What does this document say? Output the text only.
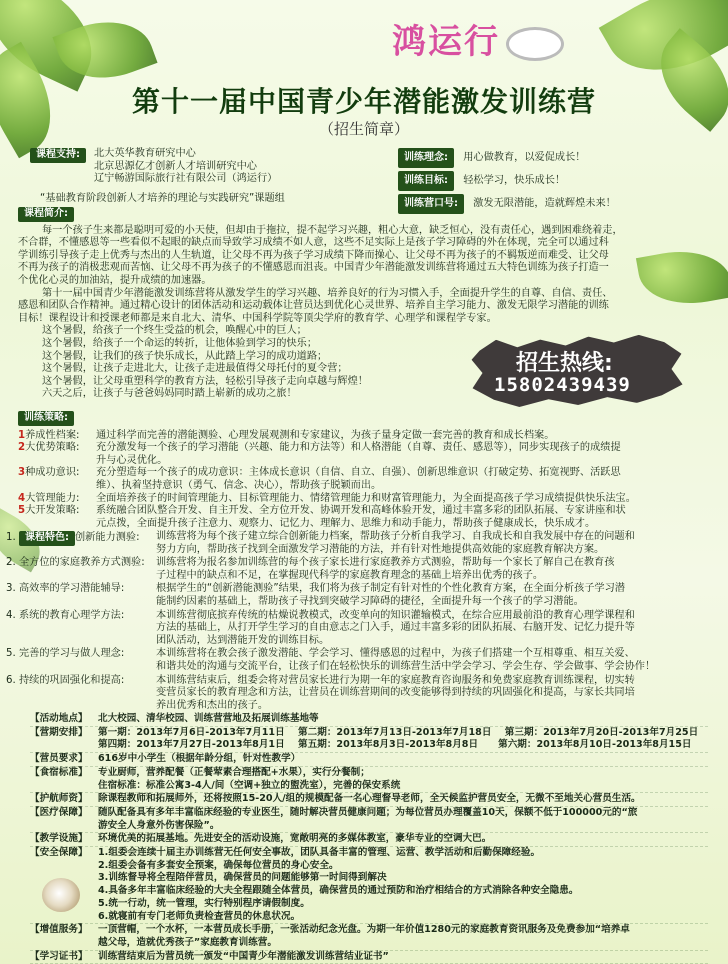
鸿运行
第十一届中国青少年潜能激发训练营
（招生简章）
课程支持:	北大英华教育研究中心
北京思源亿才创新人才培训研究中心
辽宁畅游国际旅行社有限公司（鸿运行）
“基础教育阶段创新人才培养的理论与实践研究”课题组
训练理念: 用心做教育，以爱促成长！
训练目标: 轻松学习，快乐成长！
训练营口号: 激发无限潜能，造就辉煌未来！
课程简介:
每一个孩子生来都是聪明可爱的小天使，但却由于拖拉，提不起学习兴趣，粗心大意，缺乏恒心，没有责任心，遇到困难绕着走，
不合群，不懂感恩等一些看似不起眼的缺点而导致学习成绩不如人意，这些不足实际上是孩子学习障碍的外在体现，完全可以通过科
学训练引导孩子走上优秀与杰出的人生轨道，让父母不再为孩子学习成绩下降而操心、让父母不再为孩子的不羁叛逆而难受、让父母
不再为孩子的消极悲观而苦恼、让父母不再为孩子的不懂感恩而沮丧。中国青少年潜能激发训练营将通过五大特色训练为孩子打造一
个优化心灵的加油站，提升成绩的加速器。
第十一届中国青少年潜能激发训练营将从激发学生的学习兴趣、培养良好的行为习惯入手，全面提升学生的自尊、自信、责任、
感恩和团队合作精神。通过精心设计的团体活动和运动载体让营员达到优化心灵世界、培养自主学习能力、激发无限学习潜能的训练
目标！课程设计和授课老师都是来自北大、清华、中国科学院等顶尖学府的教育学、心理学和课程学专家。
这个暑假，给孩子一个终生受益的机会，唤醒心中的巨人；
这个暑假，给孩子一个命运的转折，让他体验到学习的快乐；
这个暑假，让我们的孩子快乐成长，从此踏上学习的成功道路；
这个暑假，让孩子走进北大，让孩子走进最值得父母托付的夏令营；
这个暑假，让父母重塑科学的教育方法，轻松引导孩子走向卓越与辉煌！
六天之后，让孩子与爸爸妈妈同时踏上崭新的成功之旅！
招生热线:
15802439439
训练策略:
1养成性档案:	通过科学而完善的潜能测验、心理发展观测和专家建议，为孩子量身定做一套完善的教育和成长档案。
2大优势策略:	充分激发每一个孩子的学习潜能（兴趣、能力和方法等）和人格潜能（自尊、责任、感恩等），同步实现孩子的成绩提
升与心灵优化。
3种成功意识:	充分塑造每一个孩子的成功意识：主体成长意识（自信、自立、自强）、创新思维意识（打破定势、拓宽视野、活跃思
维）、执着坚持意识（勇气、信念、决心），帮助孩子脱颖而出。
4大管理能力:	全面培养孩子的时间管理能力、目标管理能力、情绪管理能力和财富管理能力，为全面提高孩子学习成绩提供快乐法宝。
5大开发策略:	系统融合团队整合开发、自主开发、全方位开发、协调开发和高峰体验开发，通过丰富多彩的团队拓展、专家讲座和状
元点拨，全面提升孩子注意力、观察力、记忆力、理解力、思维力和动手能力，帮助孩子健康成长，快乐成才。
1. 课程特色: 创新能力测验:	训练营将为每个孩子建立综合创新能力档案，帮助孩子分析自我学习、自我成长和自我发展中存在的问题和
努力方向，帮助孩子找到全面激发学习潜能的方法，并有针对性地提供高效能的家庭教育解决方案。
2. 全方位的家庭教养方式测验: 训练营将为报名参加训练营的每个孩子家长进行家庭教养方式测验，帮助每一个家长了解自己在教育孩
子过程中的缺点和不足，在掌握现代科学的家庭教育理念的基础上培养出优秀的孩子。
3. 高效率的学习潜能辅导:	根据学生的“创新潜能测验”结果，我们将为孩子制定有针对性的个性化教育方案，在全面分析孩子学习潜
能制约因素的基础上，帮助孩子寻找到突破学习障碍的捷径，全面提升每一个孩子的学习潜能。
4. 系统的教育心理学方法:	本训练营彻底摈弃传统的枯燥说教模式，改变单向的知识灌输模式，在综合应用最前沿的教育心理学课程和
方法的基础上，从打开学生学习的自由意志之门入手，通过丰富多彩的团队拓展、右脑开发、记忆力提升等
团队活动，达到潜能开发的训练目标。
5. 完善的学习与做人理念:	本训练营将在教会孩子激发潜能、学会学习、懂得感恩的过程中，为孩子们搭建一个互相尊重、相互关爱、
和谐共处的沟通与交流平台，让孩子们在轻松快乐的训练营生活中学会学习、学会生存、学会做事、学会协作！
6. 持续的巩固强化和提高:	本训练营结束后，组委会将对营员家长进行为期一年的家庭教育咨询服务和免费家庭教育训练课程，切实转
变营员家长的教育理念和方法，让营员在训练营期间的改变能够得到持续的巩固强化和提高，与家长共同培
养出优秀和杰出的孩子。
【活动地点】	北大校园、清华校园、训练营营地及拓展训练基地等
【营期安排】	第一期：2013年7月6日-2013年7月11日    第二期：2013年7月13日-2013年7月18日    第三期：2013年7月20日-2013年7月25日
第四期：2013年7月27日-2013年8月1日    第五期：2013年8月3日-2013年8月8日      第六期：2013年8月10日-2013年8月15日
【营员要求】	616岁中小学生（根据年龄分组，针对性教学）
【食宿标准】	专业厨师，营养配餐（正餐荤素合理搭配+水果），实行分餐制；
住宿标准：标准公寓3-4人/间（空调+独立的盥洗室），完善的保安系统
【护航师资】	除课程教师和拓展师外，还将按照15-20人/组的规模配备一名心理督导老师，全天候监护营员安全，无微不至地关心营员生活。
【医疗保障】	随队配备具有多年丰富临床经验的专业医生，随时解决营员健康问题；为每位营员办理覆盖10天，保额不低于100000元的“旅
游安全人身意外伤害保险”。
【教学设施】	环境优美的拓展基地。先进安全的活动设施，宽敞明亮的多媒体教室，豪华专业的空调大巴。
【安全保障】	1.组委会连续十届主办训练营无任何安全事故，团队具备丰富的管理、运营、教学活动和后勤保障经验。
2.组委会备有多套安全预案，确保每位营员的身心安全。
3.训练督导将全程陪伴营员，确保营员的问题能够第一时间得到解决
4.具备多年丰富临床经验的大夫全程跟随全体营员，确保营员的通过预防和治疗相结合的方式消除各种安全隐患。
5.统一行动，统一管理，实行特别程序请假制度。
6.就寝前有专门老师负责检查营员的休息状况。
【增值服务】	一顶营帽，一个水杯，一本营员成长手册，一张活动纪念光盘。为期一年价值1280元的家庭教育资讯服务及免费参加“培养卓
越父母，造就优秀孩子”家庭教育训练营。
【学习证书】	训练营结束后为营员统一颁发“中国青少年潜能激发训练营结业证书”
